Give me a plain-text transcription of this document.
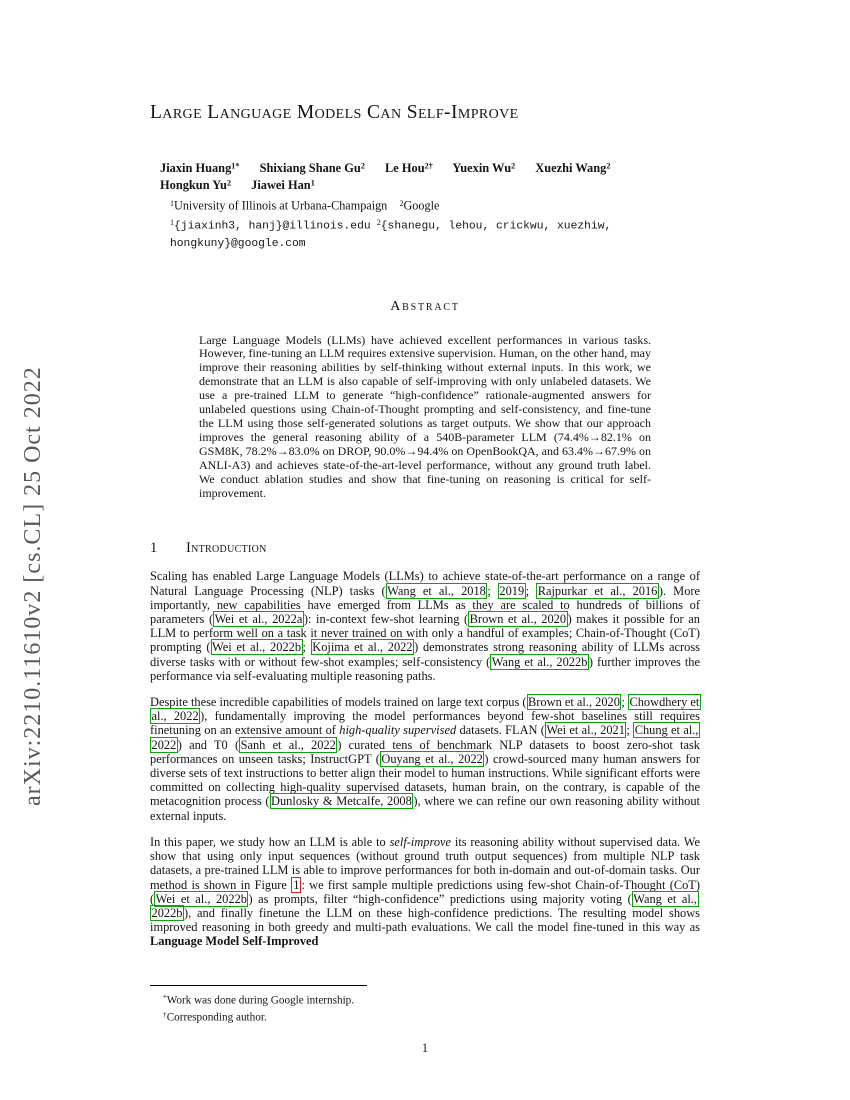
arXiv:2210.11610v2 [cs.CL] 25 Oct 2022
Large Language Models Can Self-Improve
Jiaxin Huang$^{1*}$ Shixiang Shane Gu$^2$ Le Hou$^{2\dagger}$ Yuexin Wu$^2$ Xuezhi Wang$^2$
Hongkun Yu$^2$ Jiawei Han$^1$
$^1$University of Illinois at Urbana-Champaign   $^2$Google
$^1${jiaxinh3, hanj}@illinois.edu  $^2${shanegu, lehou, crickwu, xuezhiw, hongkuny}@google.com
Abstract
Large Language Models (LLMs) have achieved excellent performances in various tasks. However, fine-tuning an LLM requires extensive supervision. Human, on the other hand, may improve their reasoning abilities by self-thinking without external inputs. In this work, we demonstrate that an LLM is also capable of self-improving with only unlabeled datasets. We use a pre-trained LLM to generate “high-confidence” rationale-augmented answers for unlabeled questions using Chain-of-Thought prompting and self-consistency, and fine-tune the LLM using those self-generated solutions as target outputs. We show that our approach improves the general reasoning ability of a 540B-parameter LLM (74.4%→82.1% on GSM8K, 78.2%→83.0% on DROP, 90.0%→94.4% on OpenBookQA, and 63.4%→67.9% on ANLI-A3) and achieves state-of-the-art-level performance, without any ground truth label. We conduct ablation studies and show that fine-tuning on reasoning is critical for self-improvement.
1 Introduction

Scaling has enabled Large Language Models (LLMs) to achieve state-of-the-art performance on a range of Natural Language Processing (NLP) tasks ( Wang et al., 2018 ; 2019 ; Rajpurkar et al., 2016 ). More importantly, new capabilities have emerged from LLMs as they are scaled to hundreds of billions of parameters ( Wei et al., 2022a ): in-context few-shot learning ( Brown et al., 2020 ) makes it possible for an LLM to perform well on a task it never trained on with only a handful of examples; Chain-of-Thought (CoT) prompting ( Wei et al., 2022b ; Kojima et al., 2022 ) demonstrates strong reasoning ability of LLMs across diverse tasks with or without few-shot examples; self-consistency ( Wang et al., 2022b ) further improves the performance via self-evaluating multiple reasoning paths.

Despite these incredible capabilities of models trained on large text corpus ( Brown et al., 2020 ; Chowdhery et al., 2022 ), fundamentally improving the model performances beyond few-shot baselines still requires finetuning on an extensive amount of high-quality supervised datasets. FLAN ( Wei et al., 2021 ; Chung et al., 2022 ) and T0 ( Sanh et al., 2022 ) curated tens of benchmark NLP datasets to boost zero-shot task performances on unseen tasks; InstructGPT ( Ouyang et al., 2022 ) crowd-sourced many human answers for diverse sets of text instructions to better align their model to human instructions. While significant efforts were committed on collecting high-quality supervised datasets, human brain, on the contrary, is capable of the metacognition process ( Dunlosky & Metcalfe, 2008 ), where we can refine our own reasoning ability without external inputs.

In this paper, we study how an LLM is able to self-improve its reasoning ability without supervised data. We show that using only input sequences (without ground truth output sequences) from multiple NLP task datasets, a pre-trained LLM is able to improve performances for both in-domain and out-of-domain tasks. Our method is shown in Figure 1 : we first sample multiple predictions using few-shot Chain-of-Thought (CoT) ( Wei et al., 2022b ) as prompts, filter “high-confidence” predictions using majority voting ( Wang et al., 2022b ), and finally finetune the LLM on these high-confidence predictions. The resulting model shows improved reasoning in both greedy and multi-path evaluations. We call the model fine-tuned in this way as Language Model Self-Improved

*Work was done during Google internship.
†Corresponding author.
1
